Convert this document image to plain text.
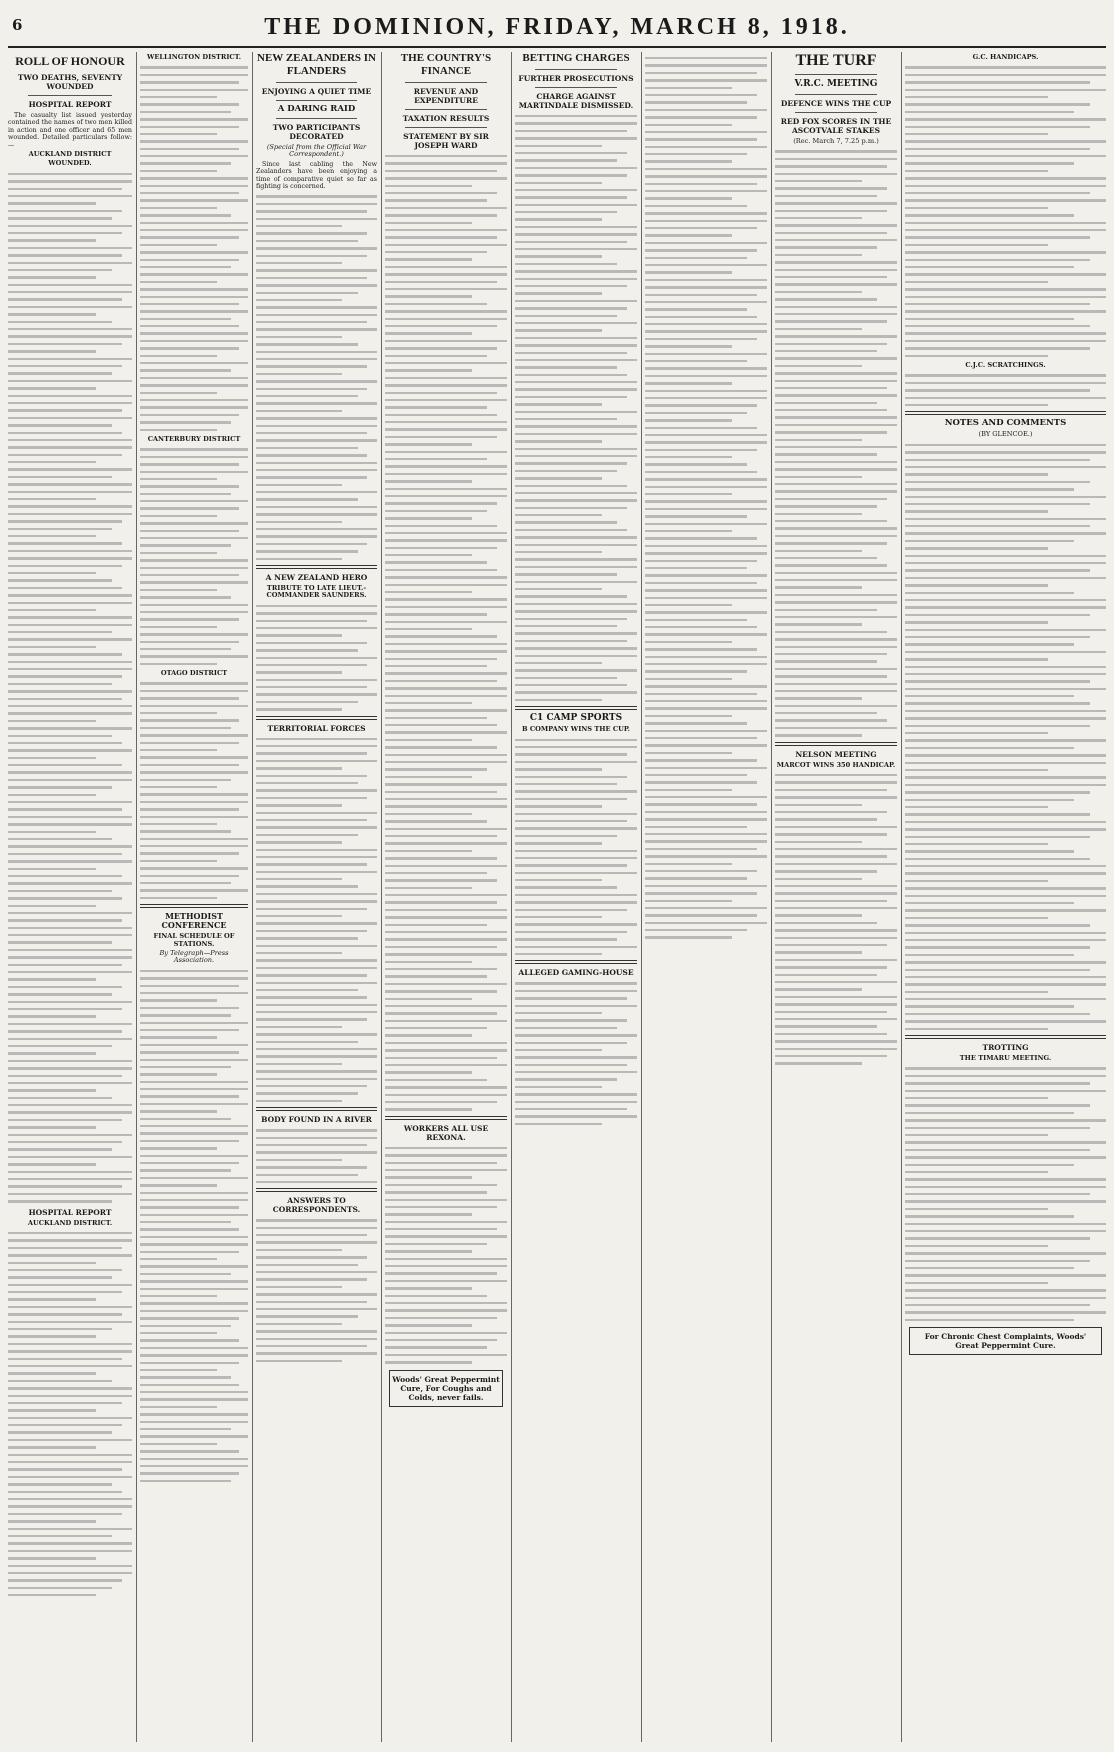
6	THE DOMINION, FRIDAY, MARCH 8, 1918.
ROLL OF HONOUR
TWO DEATHS, SEVENTY WOUNDED
HOSPITAL REPORT

The casualty list issued yesterday contained the names of two men killed in action and one officer and 65 men wounded. Detailed particulars follow:—

AUCKLAND DISTRICT
WOUNDED.
HOSPITAL REPORT
AUCKLAND DISTRICT.
WELLINGTON DISTRICT.
CANTERBURY DISTRICT
OTAGO DISTRICT
METHODIST CONFERENCE
FINAL SCHEDULE OF STATIONS.
By Telegraph—Press Association.
NEW ZEALANDERS IN FLANDERS
ENJOYING A QUIET TIME
A DARING RAID
TWO PARTICIPANTS DECORATED
(Special from the Official War Correspondent.)

Since last cabling the New Zealanders have been enjoying a time of comparative quiet so far as fighting is concerned.

A NEW ZEALAND HERO
TRIBUTE TO LATE LIEUT.-COMMANDER SAUNDERS.
TERRITORIAL FORCES
BODY FOUND IN A RIVER
ANSWERS TO CORRESPONDENTS.
THE COUNTRY'S FINANCE
REVENUE AND EXPENDITURE
TAXATION RESULTS
STATEMENT BY SIR JOSEPH WARD
WORKERS ALL USE REXONA.
Woods' Great Peppermint Cure, For Coughs and Colds, never fails.
BETTING CHARGES
FURTHER PROSECUTIONS
CHARGE AGAINST MARTINDALE DISMISSED.
C1 CAMP SPORTS
B COMPANY WINS THE CUP.
ALLEGED GAMING-HOUSE
THE TURF
V.R.C. MEETING
DEFENCE WINS THE CUP
RED FOX SCORES IN THE ASCOTVALE STAKES
(Rec. March 7, 7.25 p.m.)
NELSON MEETING
MARCOT WINS 350 HANDICAP.
G.C. HANDICAPS.
C.J.C. SCRATCHINGS.
NOTES AND COMMENTS
(BY GLENCOE.)
TROTTING
THE TIMARU MEETING.
For Chronic Chest Complaints, Woods' Great Peppermint Cure.
